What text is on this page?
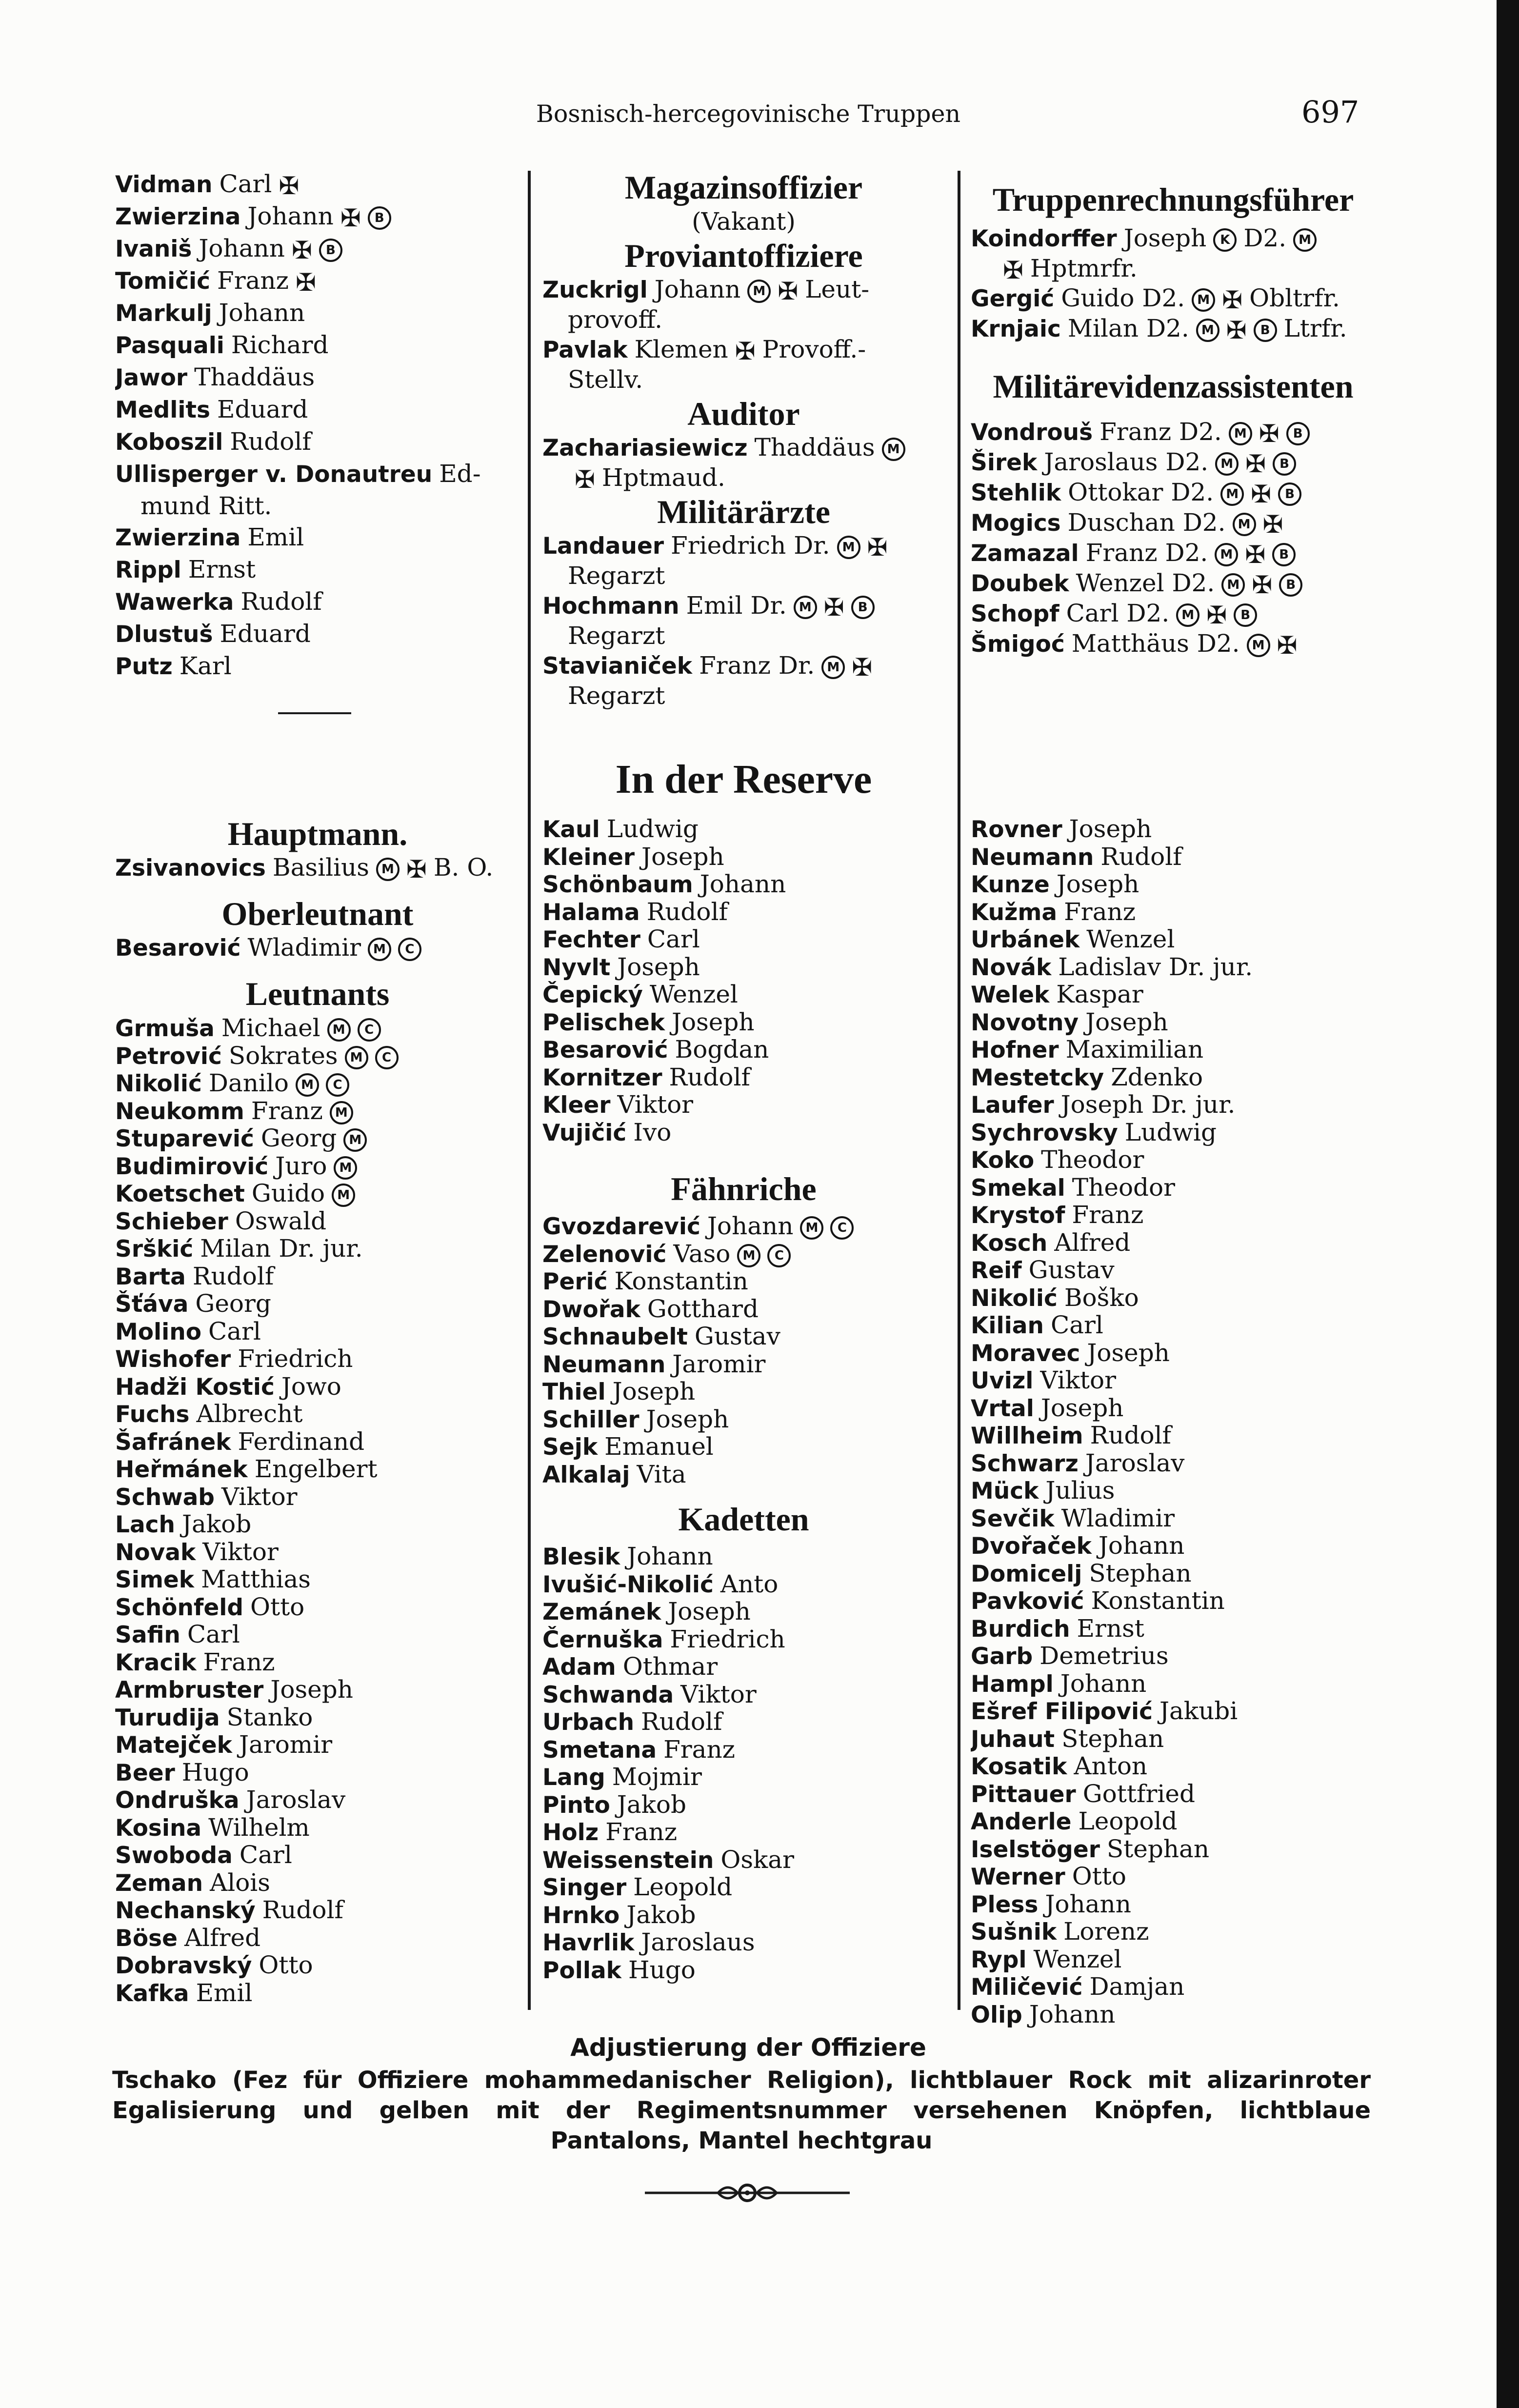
Bosnisch-hercegovinische Truppen	697
Vidman Carl ✠
Zwierzina Johann ✠ B
Ivaniš Johann ✠ B
Tomičić Franz ✠
Markulj Johann
Pasquali Richard
Jawor Thaddäus
Medlits Eduard
Koboszil Rudolf
Ullisperger v. Donautreu Ed-
mund Ritt.
Zwierzina Emil
Rippl Ernst
Wawerka Rudolf
Dlustuš Eduard
Putz Karl
Magazinsoffizier
(Vakant)
Proviantoffiziere
Zuckrigl Johann M ✠ Leut-
provoff.
Pavlak Klemen ✠ Provoff.-
Stellv.
Auditor
Zachariasiewicz Thaddäus M
✠ Hptmaud.
Militärärzte
Landauer Friedrich Dr. M ✠
Regarzt
Hochmann Emil Dr. M ✠ B
Regarzt
Stavianiček Franz Dr. M ✠
Regarzt
Truppenrechnungsführer
Koindorffer Joseph K D2. M
✠ Hptmrfr.
Gergić Guido D2. M ✠ Obltrfr.
Krnjaic Milan D2. M ✠ B Ltrfr.
Militärevidenzassistenten
Vondrouš Franz D2. M ✠ B
Širek Jaroslaus D2. M ✠ B
Stehlik Ottokar D2. M ✠ B
Mogics Duschan D2. M ✠
Zamazal Franz D2. M ✠ B
Doubek Wenzel D2. M ✠ B
Schopf Carl D2. M ✠ B
Šmigoć Matthäus D2. M ✠
In der Reserve
Hauptmann.
Zsivanovics Basilius M ✠ B. O.
Oberleutnant
Besarović Wladimir M C
Leutnants
Grmuša Michael M C
Petrović Sokrates M C
Nikolić Danilo M C
Neukomm Franz M
Stuparević Georg M
Budimirović Juro M
Koetschet Guido M
Schieber Oswald
Srškić Milan Dr. jur.
Barta Rudolf
Šťáva Georg
Molino Carl
Wishofer Friedrich
Hadži Kostić Jowo
Fuchs Albrecht
Šafránek Ferdinand
Heřmánek Engelbert
Schwab Viktor
Lach Jakob
Novak Viktor
Simek Matthias
Schönfeld Otto
Safin Carl
Kracik Franz
Armbruster Joseph
Turudija Stanko
Matejček Jaromir
Beer Hugo
Ondruška Jaroslav
Kosina Wilhelm
Swoboda Carl
Zeman Alois
Nechanský Rudolf
Böse Alfred
Dobravský Otto
Kafka Emil
Kaul Ludwig
Kleiner Joseph
Schönbaum Johann
Halama Rudolf
Fechter Carl
Nyvlt Joseph
Čepický Wenzel
Pelischek Joseph
Besarović Bogdan
Kornitzer Rudolf
Kleer Viktor
Vujičić Ivo
Fähnriche
Gvozdarević Johann M C
Zelenović Vaso M C
Perić Konstantin
Dwořak Gotthard
Schnaubelt Gustav
Neumann Jaromir
Thiel Joseph
Schiller Joseph
Sejk Emanuel
Alkalaj Vita
Kadetten
Blesik Johann
Ivušić-Nikolić Anto
Zemánek Joseph
Černuška Friedrich
Adam Othmar
Schwanda Viktor
Urbach Rudolf
Smetana Franz
Lang Mojmir
Pinto Jakob
Holz Franz
Weissenstein Oskar
Singer Leopold
Hrnko Jakob
Havrlik Jaroslaus
Pollak Hugo
Rovner Joseph
Neumann Rudolf
Kunze Joseph
Kužma Franz
Urbánek Wenzel
Novák Ladislav Dr. jur.
Welek Kaspar
Novotny Joseph
Hofner Maximilian
Mestetcky Zdenko
Laufer Joseph Dr. jur.
Sychrovsky Ludwig
Koko Theodor
Smekal Theodor
Krystof Franz
Kosch Alfred
Reif Gustav
Nikolić Boško
Kilian Carl
Moravec Joseph
Uvizl Viktor
Vrtal Joseph
Willheim Rudolf
Schwarz Jaroslav
Mück Julius
Sevčik Wladimir
Dvořaček Johann
Domicelj Stephan
Pavković Konstantin
Burdich Ernst
Garb Demetrius
Hampl Johann
Ešref Filipović Jakubi
Juhaut Stephan
Kosatik Anton
Pittauer Gottfried
Anderle Leopold
Iselstöger Stephan
Werner Otto
Pless Johann
Sušnik Lorenz
Rypl Wenzel
Miličević Damjan
Olip Johann
Adjustierung der Offiziere
Tschako (Fez für Offiziere mohammedanischer Religion), lichtblauer Rock mit alizarinroter Egalisierung und gelben mit der Regimentsnummer versehenen Knöpfen, lichtblaue Pantalons, Mantel hechtgrau
